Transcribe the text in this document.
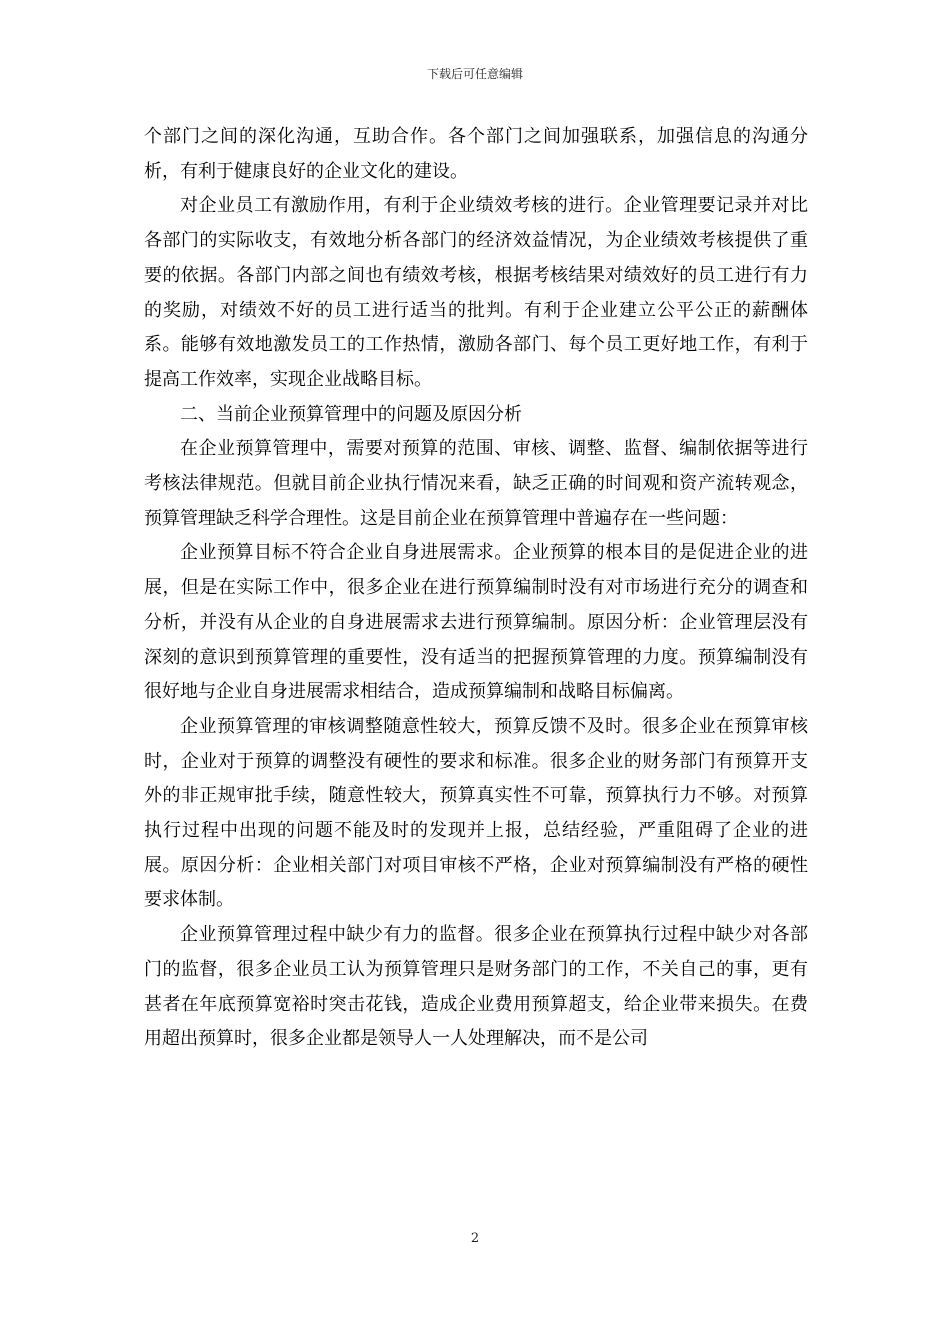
下载后可任意编辑

个部门之间的深化沟通，互助合作。各个部门之间加强联系，加强信息的沟通分析，有利于健康良好的企业文化的建设。

对企业员工有激励作用，有利于企业绩效考核的进行。企业管理要记录并对比各部门的实际收支，有效地分析各部门的经济效益情况，为企业绩效考核提供了重要的依据。各部门内部之间也有绩效考核，根据考核结果对绩效好的员工进行有力的奖励，对绩效不好的员工进行适当的批判。有利于企业建立公平公正的薪酬体系。能够有效地激发员工的工作热情，激励各部门、每个员工更好地工作，有利于提高工作效率，实现企业战略目标。

二、当前企业预算管理中的问题及原因分析

在企业预算管理中，需要对预算的范围、审核、调整、监督、编制依据等进行考核法律规范。但就目前企业执行情况来看，缺乏正确的时间观和资产流转观念，预算管理缺乏科学合理性。这是目前企业在预算管理中普遍存在一些问题：

企业预算目标不符合企业自身进展需求。企业预算的根本目的是促进企业的进展，但是在实际工作中，很多企业在进行预算编制时没有对市场进行充分的调查和分析，并没有从企业的自身进展需求去进行预算编制。原因分析：企业管理层没有深刻的意识到预算管理的重要性，没有适当的把握预算管理的力度。预算编制没有很好地与企业自身进展需求相结合，造成预算编制和战略目标偏离。

企业预算管理的审核调整随意性较大，预算反馈不及时。很多企业在预算审核时，企业对于预算的调整没有硬性的要求和标准。很多企业的财务部门有预算开支外的非正规审批手续，随意性较大，预算真实性不可靠，预算执行力不够。对预算执行过程中出现的问题不能及时的发现并上报，总结经验，严重阻碍了企业的进展。原因分析：企业相关部门对项目审核不严格，企业对预算编制没有严格的硬性要求体制。

企业预算管理过程中缺少有力的监督。很多企业在预算执行过程中缺少对各部门的监督，很多企业员工认为预算管理只是财务部门的工作，不关自己的事，更有甚者在年底预算宽裕时突击花钱，造成企业费用预算超支，给企业带来损失。在费用超出预算时，很多企业都是领导人一人处理解决，而不是公司

2
